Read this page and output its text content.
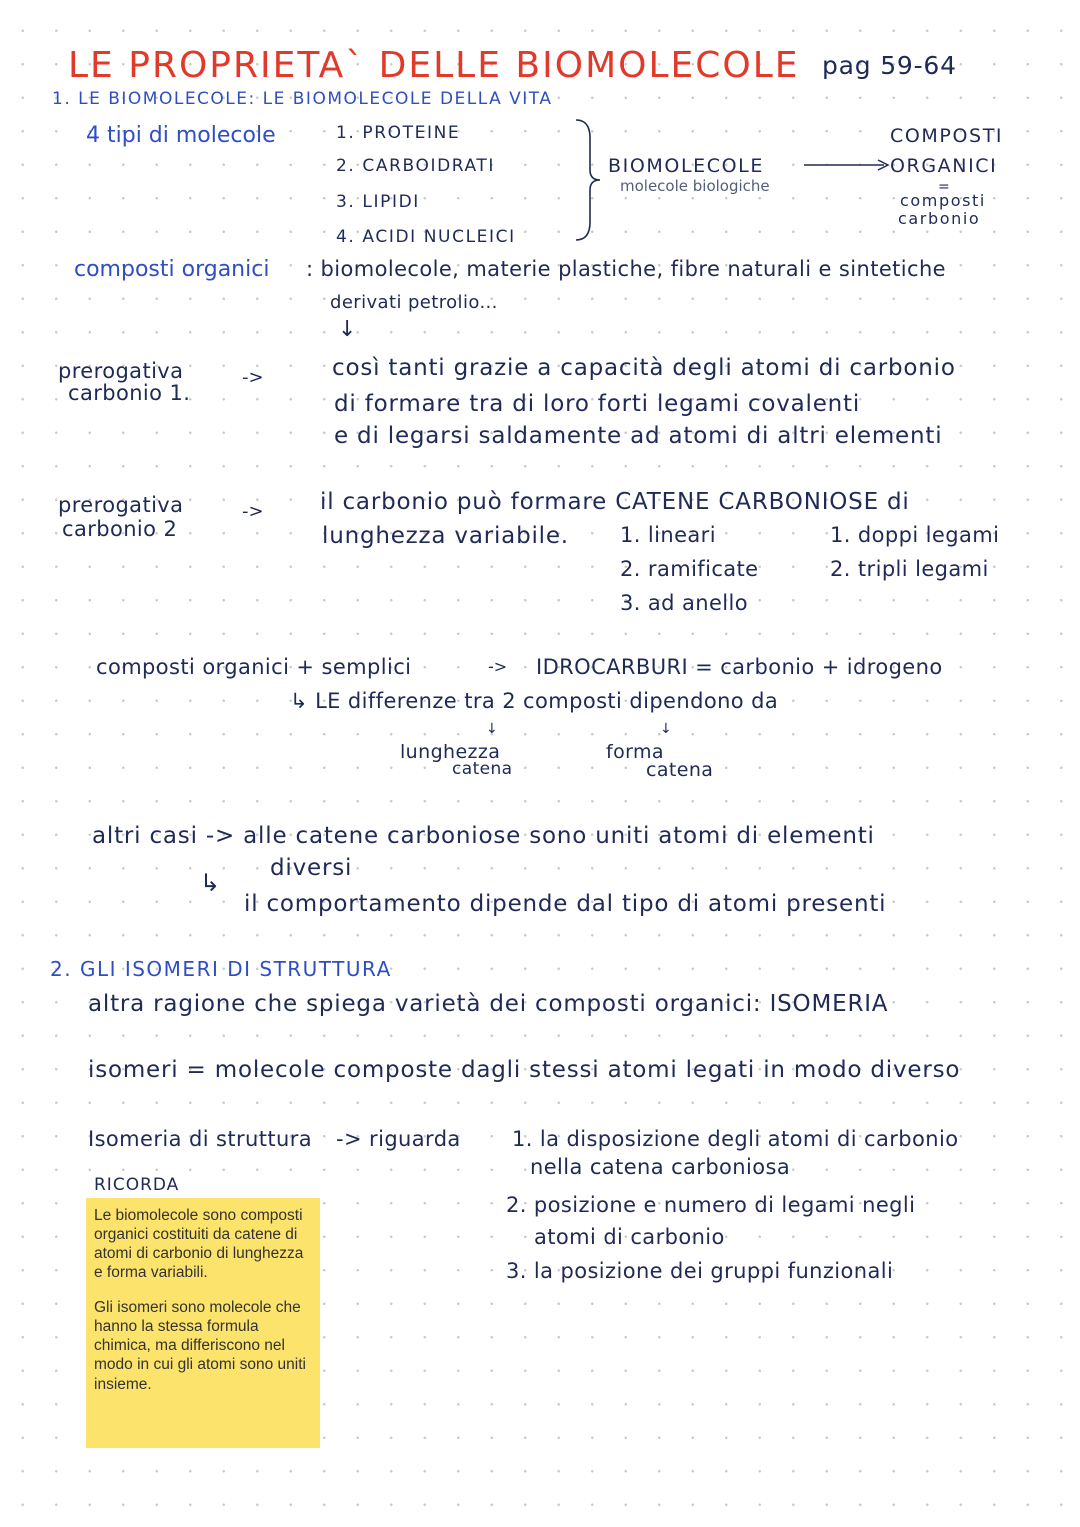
LE PROPRIETA` DELLE BIOMOLECOLE pag 59-64
1. LE BIOMOLECOLE: LE BIOMOLECOLE DELLA VITA
4 tipi di molecole	1. PROTEINE
2. CARBOIDRATI
3. LIPIDI
4. ACIDI NUCLEICI
BIOMOLECOLE
molecole biologiche
COMPOSTI
ORGANICI
=
composti
carbonio
composti organici : biomolecole, materie plastiche, fibre naturali e sintetiche
derivati petrolio...
↓
prerogativa
carbonio 1.
->	così tanti grazie a capacità degli atomi di carbonio
di formare tra di loro forti legami covalenti
e di legarsi saldamente ad atomi di altri elementi
prerogativa
carbonio 2
-> il carbonio può formare CATENE CARBONIOSE di
lunghezza variabile. 1. lineari
2. ramificate
3. ad anello
1. doppi legami
2. tripli legami
composti organici + semplici	-> IDROCARBURI = carbonio + idrogeno
↳ LE differenze tra 2 composti dipendono da
↓	↓
lunghezza
catena
forma
catena
altri casi -> alle catene carboniose sono uniti atomi di elementi
diversi
↳
il comportamento dipende dal tipo di atomi presenti
2. GLI ISOMERI DI STRUTTURA
altra ragione che spiega varietà dei composti organici: ISOMERIA
isomeri = molecole composte dagli stessi atomi legati in modo diverso
Isomeria di struttura -> riguarda 1. la disposizione degli atomi di carbonio
nella catena carboniosa
2. posizione e numero di legami negli
atomi di carbonio
3. la posizione dei gruppi funzionali
RICORDA

Le biomolecole sono composti organici costituiti da catene di atomi di carbonio di lunghezza e forma variabili.

Gli isomeri sono molecole che hanno la stessa formula chimica, ma differiscono nel modo in cui gli atomi sono uniti insieme.
